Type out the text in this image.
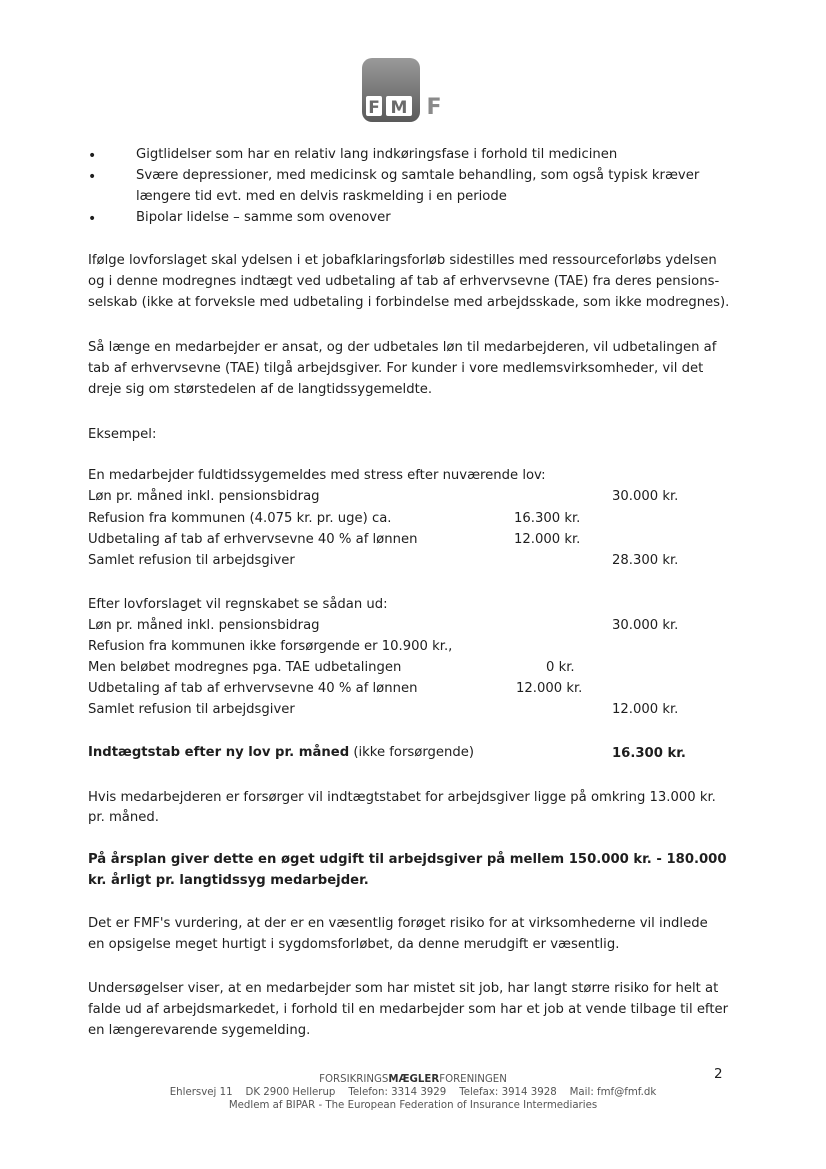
F M F
•	Gigtlidelser som har en relativ lang indkøringsfase i forhold til medicinen
•	Svære depressioner, med medicinsk og samtale behandling, som også typisk kræver
længere tid evt. med en delvis raskmelding i en periode
•	Bipolar lidelse – samme som ovenover
Ifølge lovforslaget skal ydelsen i et jobafklaringsforløb sidestilles med ressourceforløbs ydelsen
og i denne modregnes indtægt ved udbetaling af tab af erhvervsevne (TAE) fra deres pensions-
selskab (ikke at forveksle med udbetaling i forbindelse med arbejdsskade, som ikke modregnes).
Så længe en medarbejder er ansat, og der udbetales løn til medarbejderen, vil udbetalingen af
tab af erhvervsevne (TAE) tilgå arbejdsgiver. For kunder i vore medlemsvirksomheder, vil det
dreje sig om størstedelen af de langtidssygemeldte.
Eksempel:
En medarbejder fuldtidssygemeldes med stress efter nuværende lov:
Løn pr. måned inkl. pensionsbidrag	30.000 kr.
Refusion fra kommunen (4.075 kr. pr. uge) ca.	16.300 kr.
Udbetaling af tab af erhvervsevne 40 % af lønnen	12.000 kr.
Samlet refusion til arbejdsgiver	28.300 kr.
Efter lovforslaget vil regnskabet se sådan ud:
Løn pr. måned inkl. pensionsbidrag	30.000 kr.
Refusion fra kommunen ikke forsørgende er 10.900 kr.,
Men beløbet modregnes pga. TAE udbetalingen	0 kr.
Udbetaling af tab af erhvervsevne 40 % af lønnen	12.000 kr.
Samlet refusion til arbejdsgiver	12.000 kr.
Indtægtstab efter ny lov pr. måned (ikke forsørgende)	16.300 kr.
Hvis medarbejderen er forsørger vil indtægtstabet for arbejdsgiver ligge på omkring 13.000 kr.
pr. måned.
På årsplan giver dette en øget udgift til arbejdsgiver på mellem 150.000 kr. - 180.000
kr. årligt pr. langtidssyg medarbejder.
Det er FMF's vurdering, at der er en væsentlig forøget risiko for at virksomhederne vil indlede
en opsigelse meget hurtigt i sygdomsforløbet, da denne merudgift er væsentlig.
Undersøgelser viser, at en medarbejder som har mistet sit job, har langt større risiko for helt at
falde ud af arbejdsmarkedet, i forhold til en medarbejder som har et job at vende tilbage til efter
en længerevarende sygemelding.
2
FORSIKRINGSMÆGLERFORENINGEN
Ehlersvej 11    DK 2900 Hellerup    Telefon: 3314 3929    Telefax: 3914 3928    Mail: fmf@fmf.dk
Medlem af BIPAR - The European Federation of Insurance Intermediaries
